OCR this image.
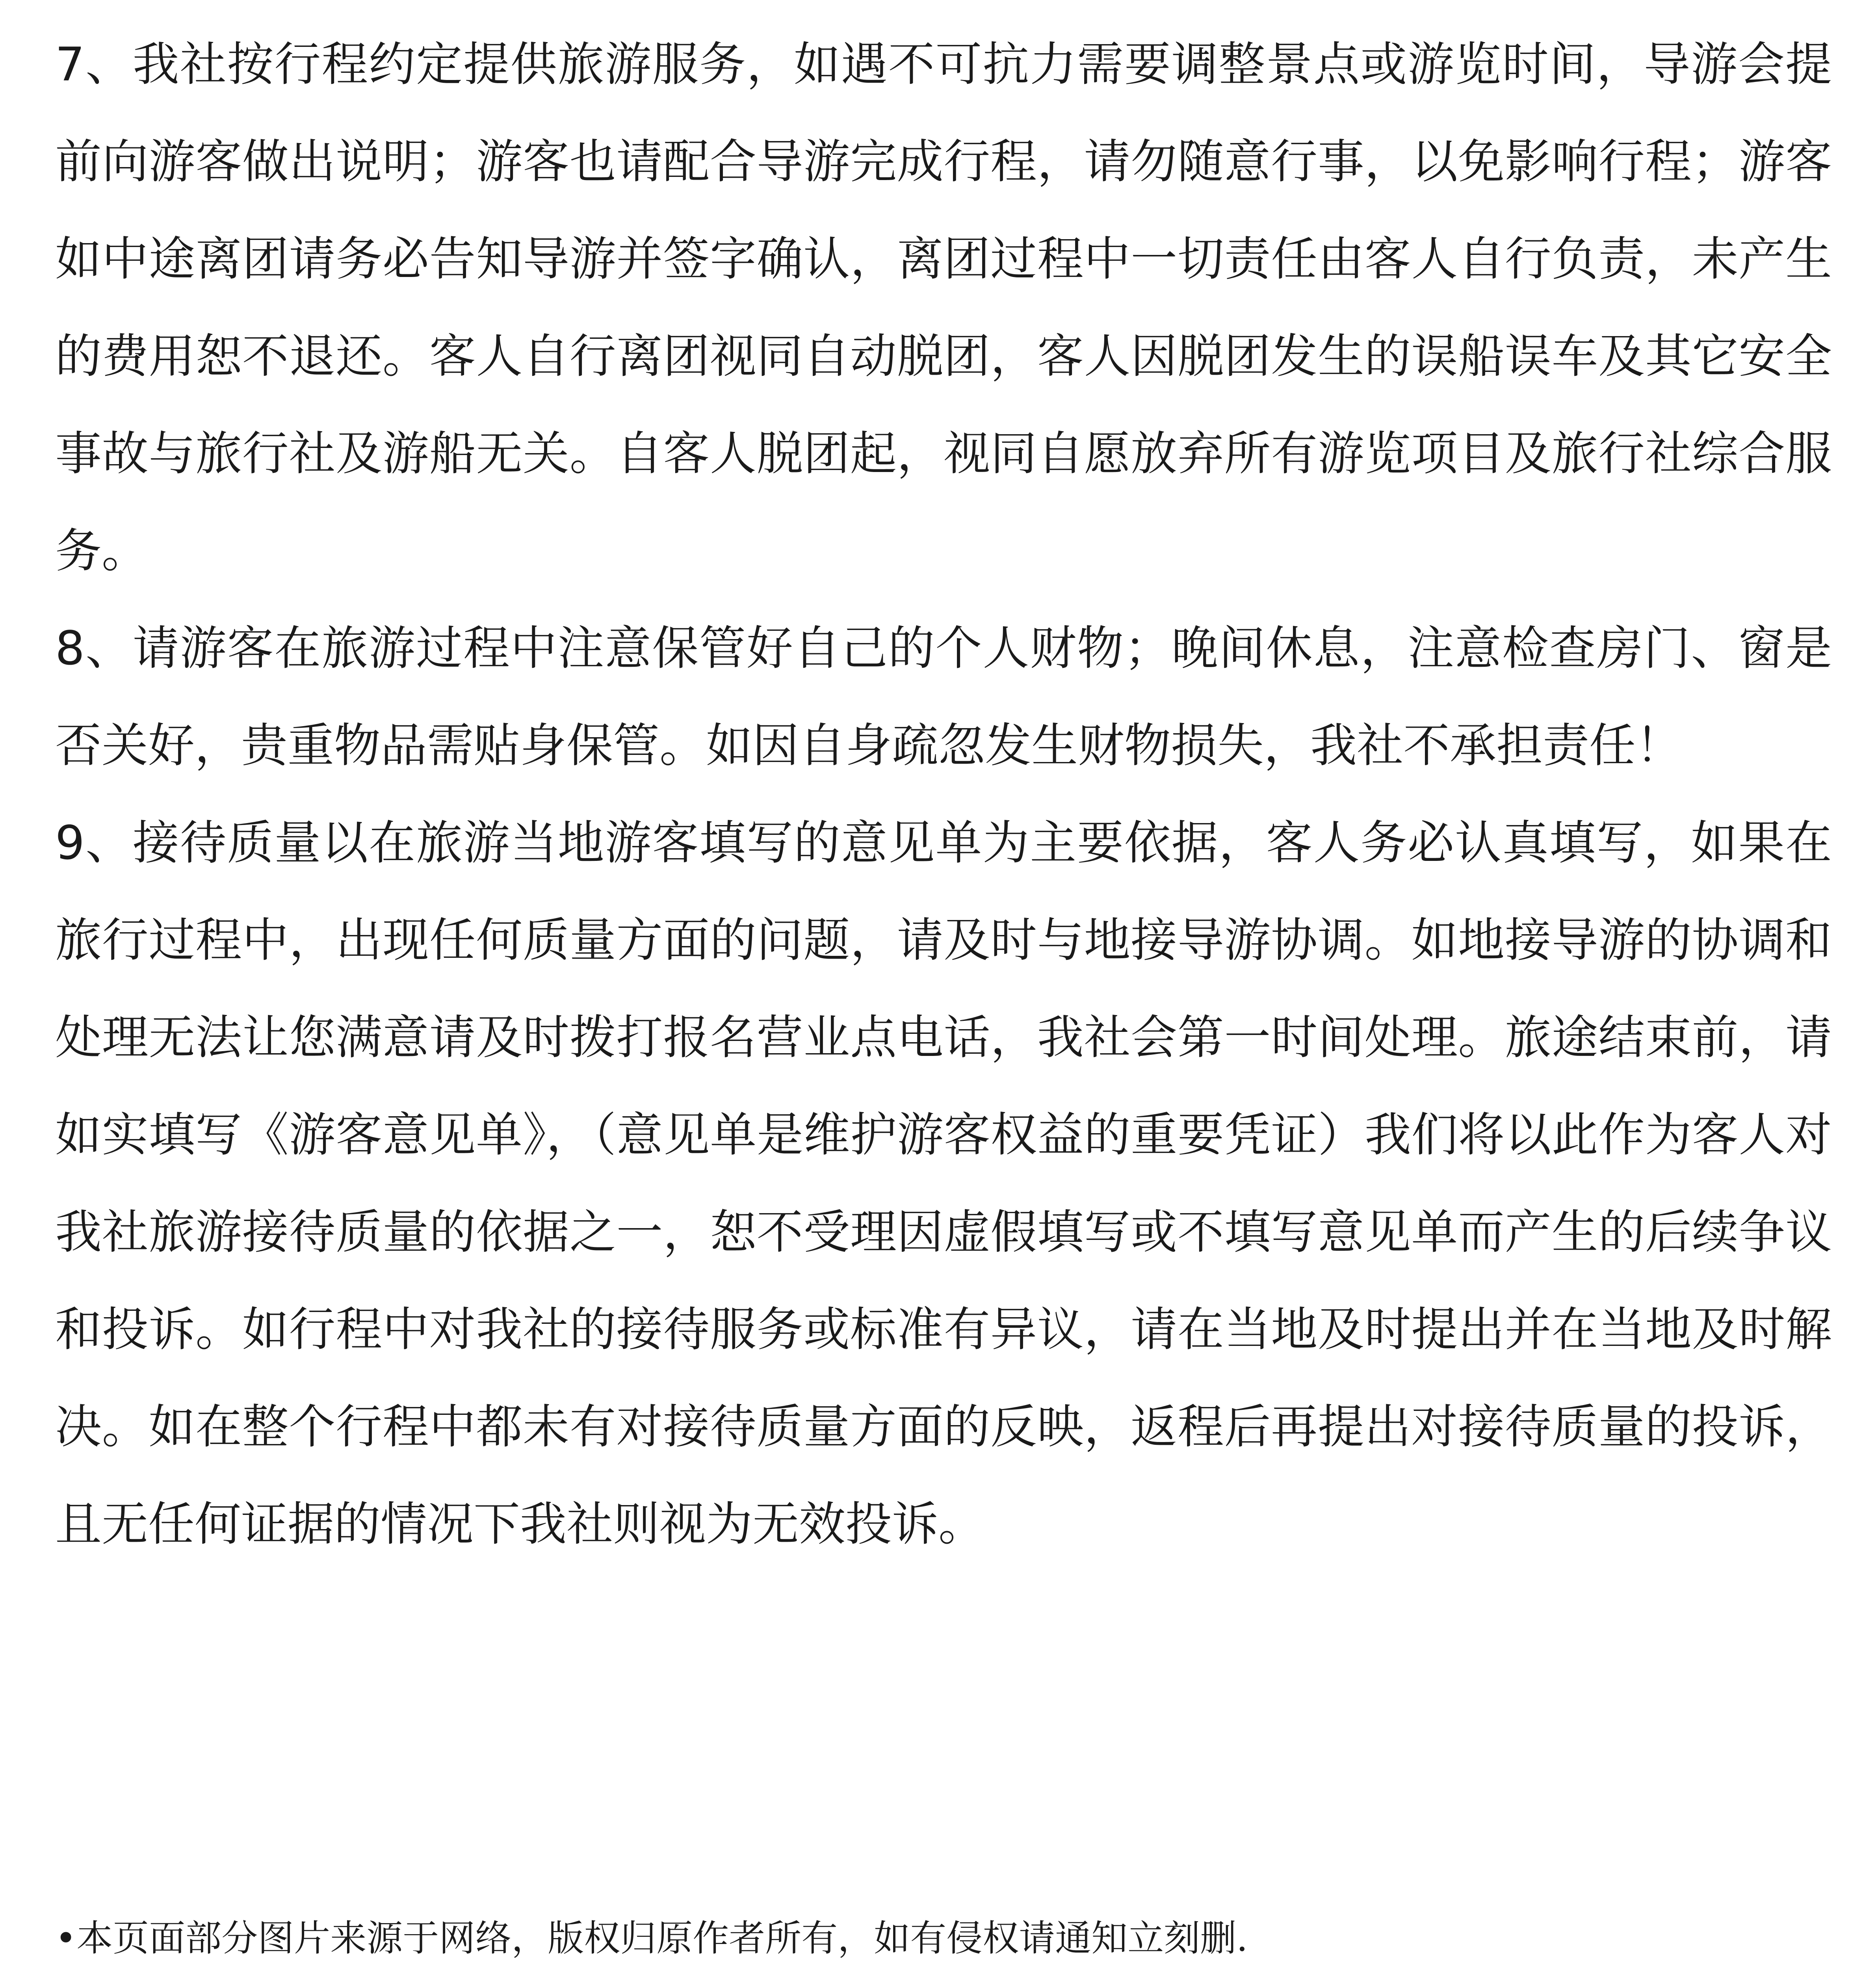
7、我社按行程约定提供旅游服务，如遇不可抗力需要调整景点或游览时间，导游会提前向游客做出说明；游客也请配合导游完成行程，请勿随意行事，以免影响行程；游客如中途离团请务必告知导游并签字确认，离团过程中一切责任由客人自行负责，未产生的费用恕不退还。客人自行离团视同自动脱团，客人因脱团发生的误船误车及其它安全事故与旅行社及游船无关。自客人脱团起，视同自愿放弃所有游览项目及旅行社综合服务。

8、请游客在旅游过程中注意保管好自己的个人财物；晚间休息，注意检查房门、窗是否关好，贵重物品需贴身保管。如因自身疏忽发生财物损失，我社不承担责任！

9、接待质量以在旅游当地游客填写的意见单为主要依据，客人务必认真填写，如果在旅行过程中，出现任何质量方面的问题，请及时与地接导游协调。如地接导游的协调和处理无法让您满意请及时拨打报名营业点电话，我社会第一时间处理。旅途结束前，请如实填写《游客意见单》，（意见单是维护游客权益的重要凭证）我们将以此作为客人对我社旅游接待质量的依据之一，恕不受理因虚假填写或不填写意见单而产生的后续争议和投诉。如行程中对我社的接待服务或标准有异议，请在当地及时提出并在当地及时解决。如在整个行程中都未有对接待质量方面的反映，返程后再提出对接待质量的投诉，且无任何证据的情况下我社则视为无效投诉。

•本页面部分图片来源于网络，版权归原作者所有，如有侵权请通知立刻删.
